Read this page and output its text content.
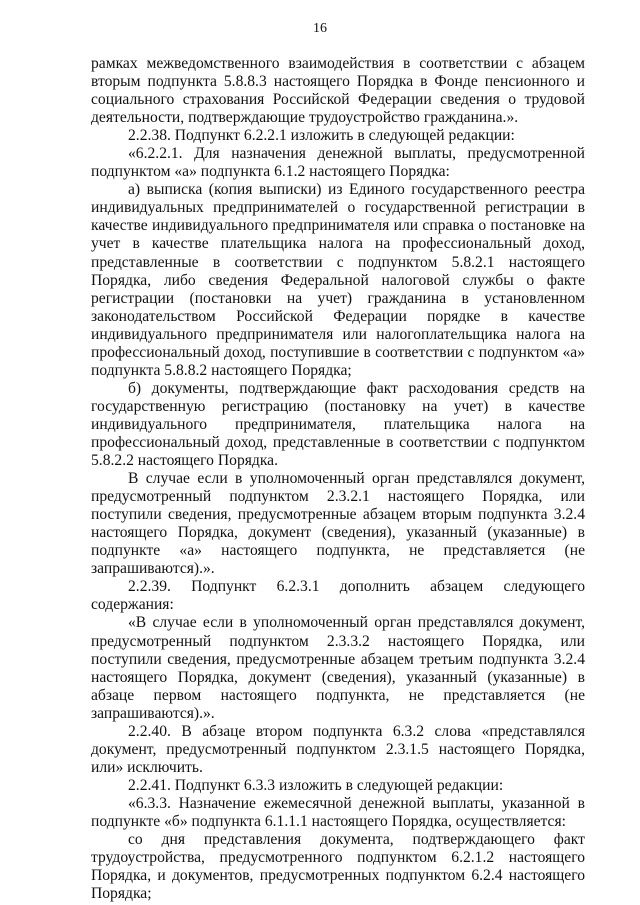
16

рамках межведомственного взаимодействия в соответствии с абзацем вторым подпункта 5.8.8.3 настоящего Порядка в Фонде пенсионного и социального страхования Российской Федерации сведения о трудовой деятельности, подтверждающие трудоустройство гражданина.».

2.2.38. Подпункт 6.2.2.1 изложить в следующей редакции:

«6.2.2.1. Для назначения денежной выплаты, предусмотренной подпунктом «а» подпункта 6.1.2 настоящего Порядка:

а) выписка (копия выписки) из Единого государственного реестра индивидуальных предпринимателей о государственной регистрации в качестве индивидуального предпринимателя или справка о постановке на учет в качестве плательщика налога на профессиональный доход, представленные в соответствии с подпунктом 5.8.2.1 настоящего Порядка, либо сведения Федеральной налоговой службы о факте регистрации (постановки на учет) гражданина в установленном законодательством Российской Федерации порядке в качестве индивидуального предпринимателя или налогоплательщика налога на профессиональный доход, поступившие в соответствии с подпунктом «а» подпункта 5.8.8.2 настоящего Порядка;

б) документы, подтверждающие факт расходования средств на государственную регистрацию (постановку на учет) в качестве индивидуального предпринимателя, плательщика налога на профессиональный доход, представленные в соответствии с подпунктом 5.8.2.2 настоящего Порядка.

В случае если в уполномоченный орган представлялся документ, предусмотренный подпунктом 2.3.2.1 настоящего Порядка, или поступили сведения, предусмотренные абзацем вторым подпункта 3.2.4 настоящего Порядка, документ (сведения), указанный (указанные) в подпункте «а» настоящего подпункта, не представляется (не запрашиваются).».

2.2.39. Подпункт 6.2.3.1 дополнить абзацем следующего содержания:

«В случае если в уполномоченный орган представлялся документ, предусмотренный подпунктом 2.3.3.2 настоящего Порядка, или поступили сведения, предусмотренные абзацем третьим подпункта 3.2.4 настоящего Порядка, документ (сведения), указанный (указанные) в абзаце первом настоящего подпункта, не представляется (не запрашиваются).».

2.2.40. В абзаце втором подпункта 6.3.2 слова «представлялся документ, предусмотренный подпунктом 2.3.1.5 настоящего Порядка, или» исключить.

2.2.41. Подпункт 6.3.3 изложить в следующей редакции:

«6.3.3. Назначение ежемесячной денежной выплаты, указанной в подпункте «б» подпункта 6.1.1.1 настоящего Порядка, осуществляется:

со дня представления документа, подтверждающего факт трудоустройства, предусмотренного подпунктом 6.2.1.2 настоящего Порядка, и документов, предусмотренных подпунктом 6.2.4 настоящего Порядка;
